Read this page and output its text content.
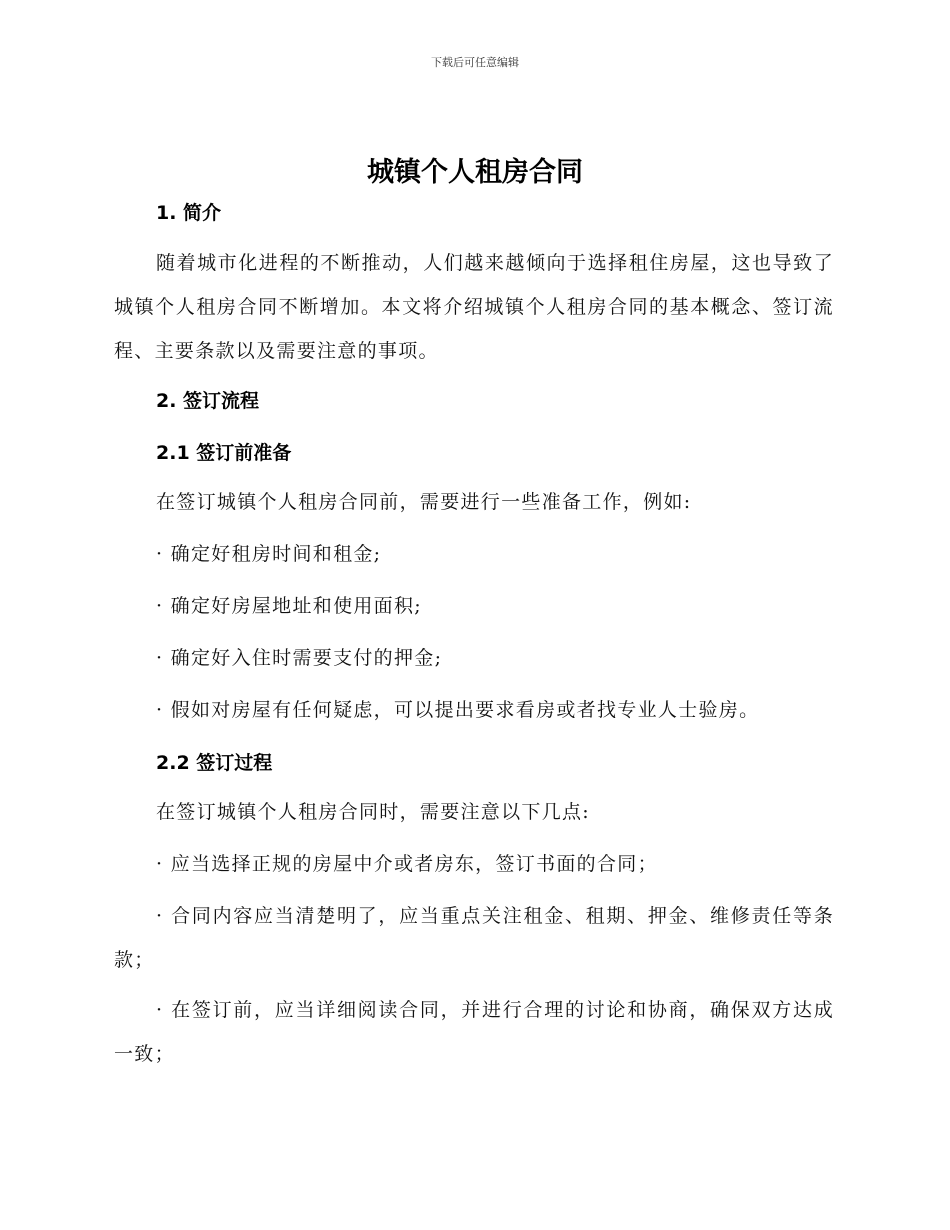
下载后可任意编辑
城镇个人租房合同
1. 简介

随着城市化进程的不断推动，人们越来越倾向于选择租住房屋，这也导致了城镇个人租房合同不断增加。本文将介绍城镇个人租房合同的基本概念、签订流程、主要条款以及需要注意的事项。

2. 签订流程
2.1 签订前准备

在签订城镇个人租房合同前，需要进行一些准备工作，例如:

· 确定好租房时间和租金;

· 确定好房屋地址和使用面积;

· 确定好入住时需要支付的押金;

· 假如对房屋有任何疑虑，可以提出要求看房或者找专业人士验房。

2.2 签订过程

在签订城镇个人租房合同时，需要注意以下几点:

· 应当选择正规的房屋中介或者房东，签订书面的合同；

· 合同内容应当清楚明了，应当重点关注租金、租期、押金、维修责任等条款；

· 在签订前，应当详细阅读合同，并进行合理的讨论和协商，确保双方达成一致；
